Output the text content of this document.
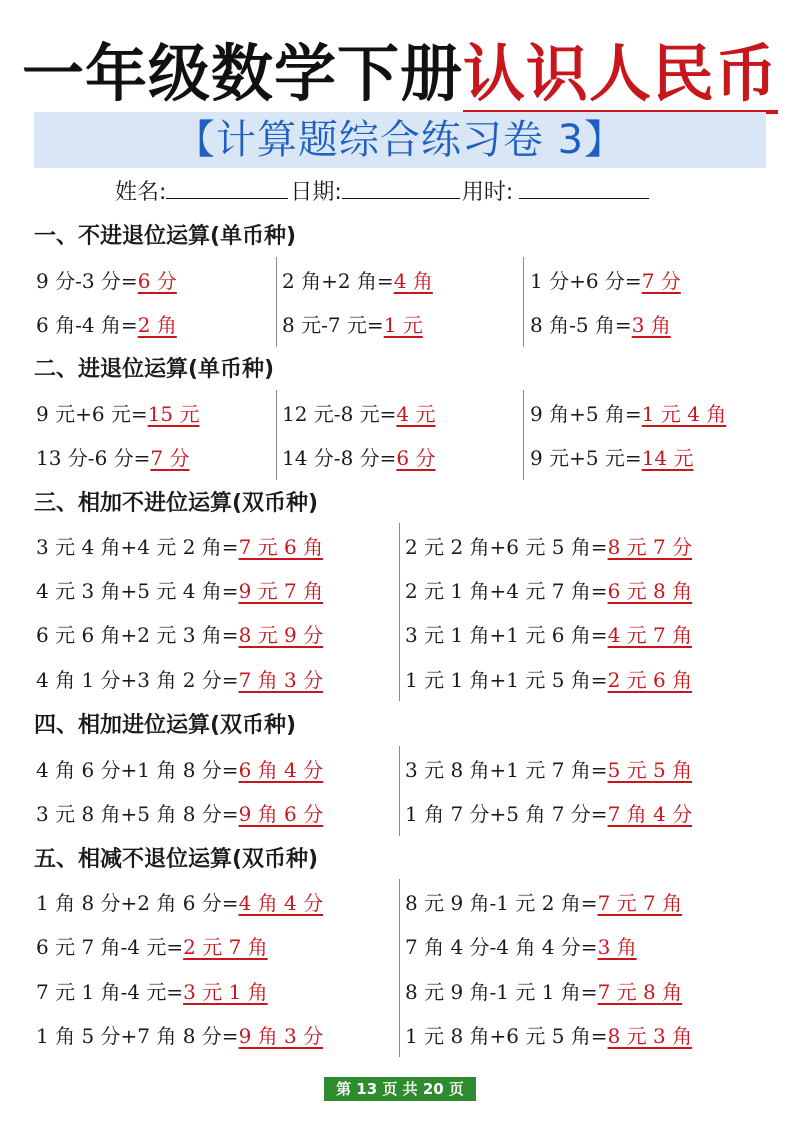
一年级数学下册认识人民币
【计算题综合练习卷 3】
姓名:	日期:	用时:
一、不进退位运算(单币种)
9 分-3 分=6 分	2 角+2 角=4 角	1 分+6 分=7 分
6 角-4 角=2 角	8 元-7 元=1 元	8 角-5 角=3 角
二、进退位运算(单币种)
9 元+6 元=15 元	12 元-8 元=4 元	9 角+5 角=1 元 4 角
13 分-6 分=7 分	14 分-8 分=6 分	9 元+5 元=14 元
三、相加不进位运算(双币种)
3 元 4 角+4 元 2 角=7 元 6 角	2 元 2 角+6 元 5 角=8 元 7 分
4 元 3 角+5 元 4 角=9 元 7 角	2 元 1 角+4 元 7 角=6 元 8 角
6 元 6 角+2 元 3 角=8 元 9 分	3 元 1 角+1 元 6 角=4 元 7 角
4 角 1 分+3 角 2 分=7 角 3 分	1 元 1 角+1 元 5 角=2 元 6 角
四、相加进位运算(双币种)
4 角 6 分+1 角 8 分=6 角 4 分	3 元 8 角+1 元 7 角=5 元 5 角
3 元 8 角+5 角 8 分=9 角 6 分	1 角 7 分+5 角 7 分=7 角 4 分
五、相减不退位运算(双币种)
1 角 8 分+2 角 6 分=4 角 4 分	8 元 9 角-1 元 2 角=7 元 7 角
6 元 7 角-4 元=2 元 7 角	7 角 4 分-4 角 4 分=3 角
7 元 1 角-4 元=3 元 1 角	8 元 9 角-1 元 1 角=7 元 8 角
1 角 5 分+7 角 8 分=9 角 3 分	1 元 8 角+6 元 5 角=8 元 3 角
第 13 页 共 20 页
